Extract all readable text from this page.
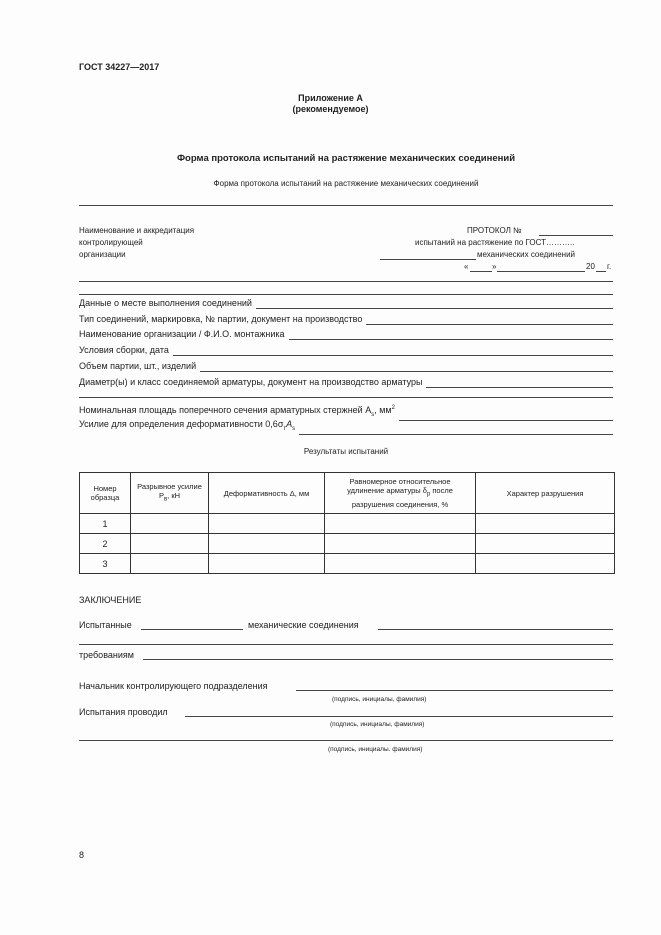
ГОСТ 34227—2017
Приложение А
(рекомендуемое)
Форма протокола испытаний на растяжение механических соединений
Форма протокола испытаний на растяжение механических соединений
Наименование и аккредитация
контролирующей
организации
ПРОТОКОЛ №
испытаний на растяжение по ГОСТ………..
механических соединений
«	»	20 г.
Данные о месте выполнения соединений
Тип соединений, маркировка, № партии, документ на производство
Наименование организации / Ф.И.О. монтажника
Условия сборки, дата
Объем партии, шт., изделий
Диаметр(ы) и класс соединяемой арматуры, документ на производство арматуры
Номинальная площадь поперечного сечения арматурных стержней $A_s$, $мм^2$
Усилие для определения деформативности $0,6\sigma_тA_s$
Результаты испытаний
Номер образца	Разрывное усилие $P_в$, кН	Деформативность Δ, мм	Равномерное относительное удлинение арматуры $\delta_р$ после разрушения соединения, %	Характер разрушения
1				
2				
3				
ЗАКЛЮЧЕНИЕ
Испытанные	механические соединения
требованиям
Начальник контролирующего подразделения
(подпись, инициалы, фамилия)
Испытания проводил
(подпись, инициалы, фамилия)
(подпись, инициалы. фамилия)
8
